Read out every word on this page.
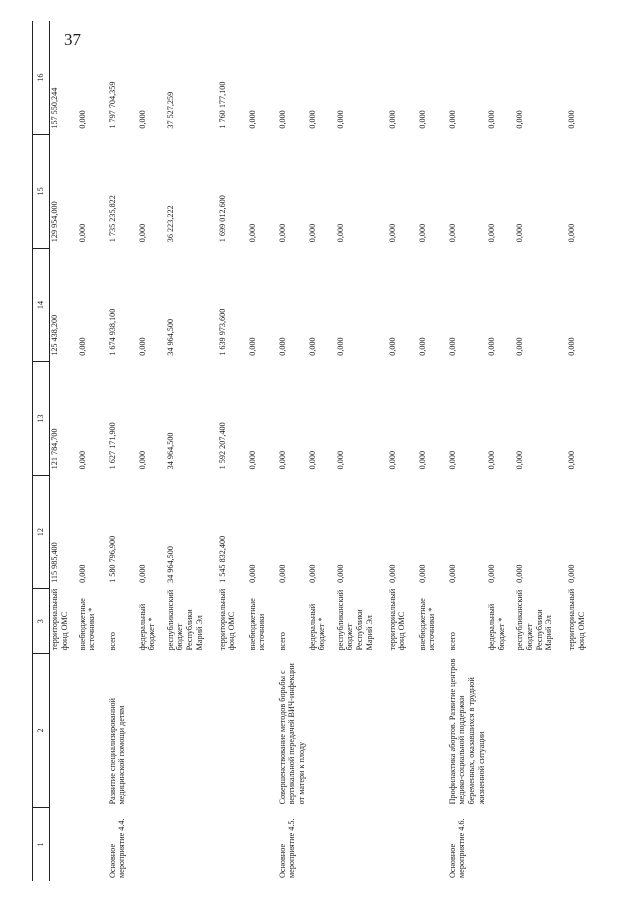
37
1	2	3	12	13	14	15	16
		территориальный фонд ОМС	115 985,400	121 784,700	125 438,200	129 954,000	157 550,244
		внебюджетные источники *	0,000	0,000	0,000	0,000	0,000
Основное мероприятие 4.4.	Развитие специализированной медицинской помощи детям	всего	1 580 796,900	1 627 171,900	1 674 938,100	1 735 235,822	1 797 704,359
		федеральный бюджет *	0,000	0,000	0,000	0,000	0,000
		республиканский бюджет Республики Марий Эл	34 964,500	34 964,500	34 964,500	36 223,222	37 527,259
		территориальный фонд ОМС	1 545 832,400	1 592 207,400	1 639 973,600	1 699 012,600	1 760 177,100
		внебюджетные источники	0,000	0,000	0,000	0,000	0,000
Основное мероприятие 4.5.	Совершенствование методов борьбы с вертикальной передачей ВИЧ-инфекции от матери к плоду	всего	0,000	0,000	0,000	0,000	0,000
		федеральный бюджет *	0,000	0,000	0,000	0,000	0,000
		республиканский бюджет Республики Марий Эл	0,000	0,000	0,000	0,000	0,000
		территориальный фонд ОМС	0,000	0,000	0,000	0,000	0,000
		внебюджетные источники *	0,000	0,000	0,000	0,000	0,000
Основное мероприятие 4.6.	Профилактика абортов. Развитие центров медико-социальной поддержки беременных, оказавшихся в трудной жизненной ситуации	всего	0,000	0,000	0,000	0,000	0,000
		федеральный бюджет *	0,000	0,000	0,000	0,000	0,000
		республиканский бюджет Республики Марий Эл	0,000	0,000	0,000	0,000	0,000
		территориальный фонд ОМС	0,000	0,000	0,000	0,000	0,000
